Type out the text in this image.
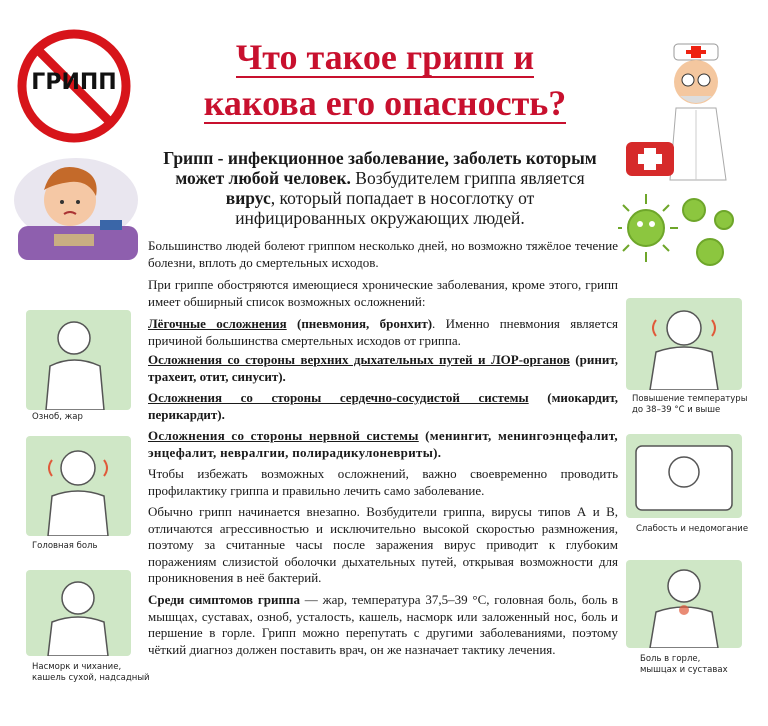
ГРИПП
Что такое грипп и
какова его опасность?
Грипп - инфекционное заболевание, заболеть которым может любой человек. Возбудителем гриппа является вирус, который попадает в носоглотку от инфицированных окружающих людей.
Большинство людей болеют гриппом несколько дней, но возможно тяжёлое течение болезни, вплоть до смертельных исходов.
При гриппе обостряются имеющиеся хронические заболевания, кроме этого, грипп имеет обширный список возможных осложнений:
Лёгочные осложнения (пневмония, бронхит). Именно пневмония является причиной большинства смертельных исходов от гриппа.
Осложнения со стороны верхних дыхательных путей и ЛОР-органов (ринит, трахеит, отит, синусит).
Осложнения со стороны сердечно-сосудистой системы (миокардит, перикардит).
Осложнения со стороны нервной системы (менингит, менингоэнцефалит, энцефалит, невралгии, полирадикулоневриты).
Чтобы избежать возможных осложнений, важно своевременно проводить профилактику гриппа и правильно лечить само заболевание.
Обычно грипп начинается внезапно. Возбудители гриппа, вирусы типов А и В, отличаются агрессивностью и исключительно высокой скоростью размножения, поэтому за считанные часы после заражения вирус приводит к глубоким поражениям слизистой оболочки дыхательных путей, открывая возможности для проникновения в неё бактерий.
Среди симптомов гриппа — жар, температура 37,5–39 °С, головная боль, боль в мышцах, суставах, озноб, усталость, кашель, насморк или заложенный нос, боль и першение в горле. Грипп можно перепутать с другими заболеваниями, поэтому чёткий диагноз должен поставить врач, он же назначает тактику лечения.
Озноб, жар
Головная боль
Насморк и чихание,
кашель сухой, надсадный
Повышение температуры
до 38–39 °С и выше
Слабость и недомогание
Боль в горле,
мышцах и суставах
